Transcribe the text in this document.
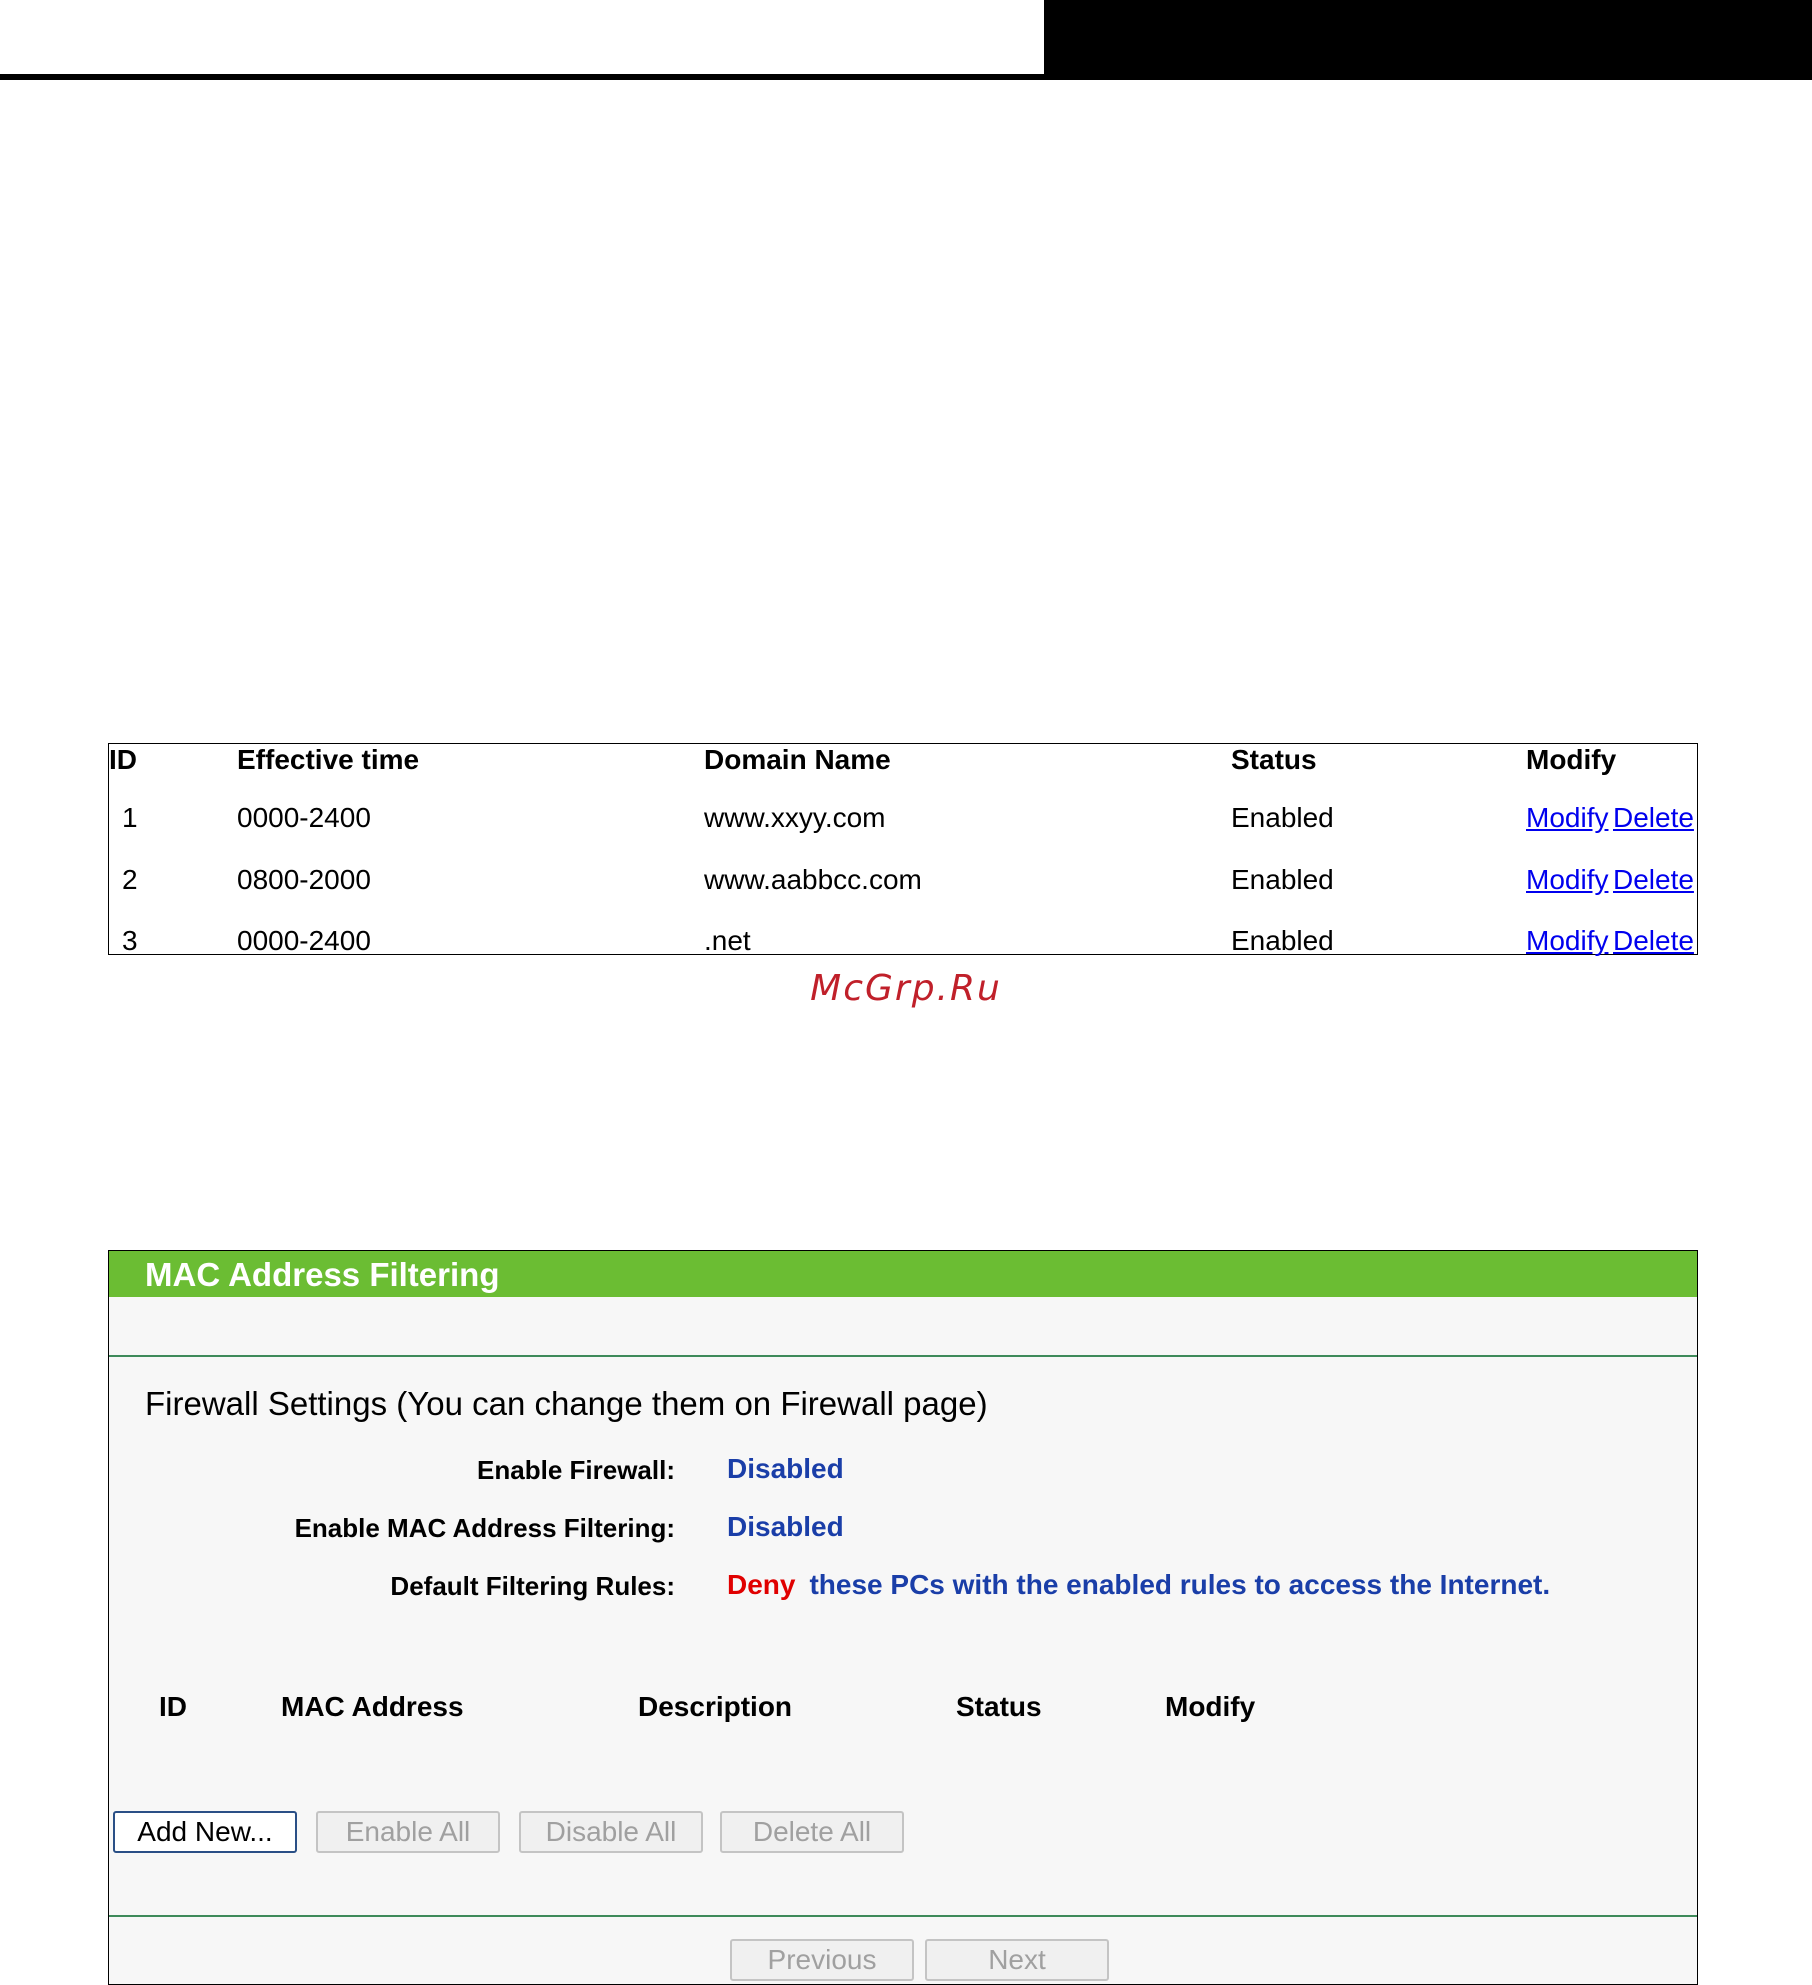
ID	Effective time	Domain Name	Status	Modify
1	0000-2400	www.xxyy.com	Enabled	Modify Delete
2	0800-2000	www.aabbcc.com	Enabled	Modify Delete
3	0000-2400	.net	Enabled	Modify Delete
McGrp.Ru
MAC Address Filtering
Firewall Settings (You can change them on Firewall page)
Enable Firewall: Disabled
Enable MAC Address Filtering: Disabled
Default Filtering Rules: Deny these PCs with the enabled rules to access the Internet.
ID	MAC Address	Description	Status	Modify
Add New...	Enable All	Disable All	Delete All
Previous	Next
